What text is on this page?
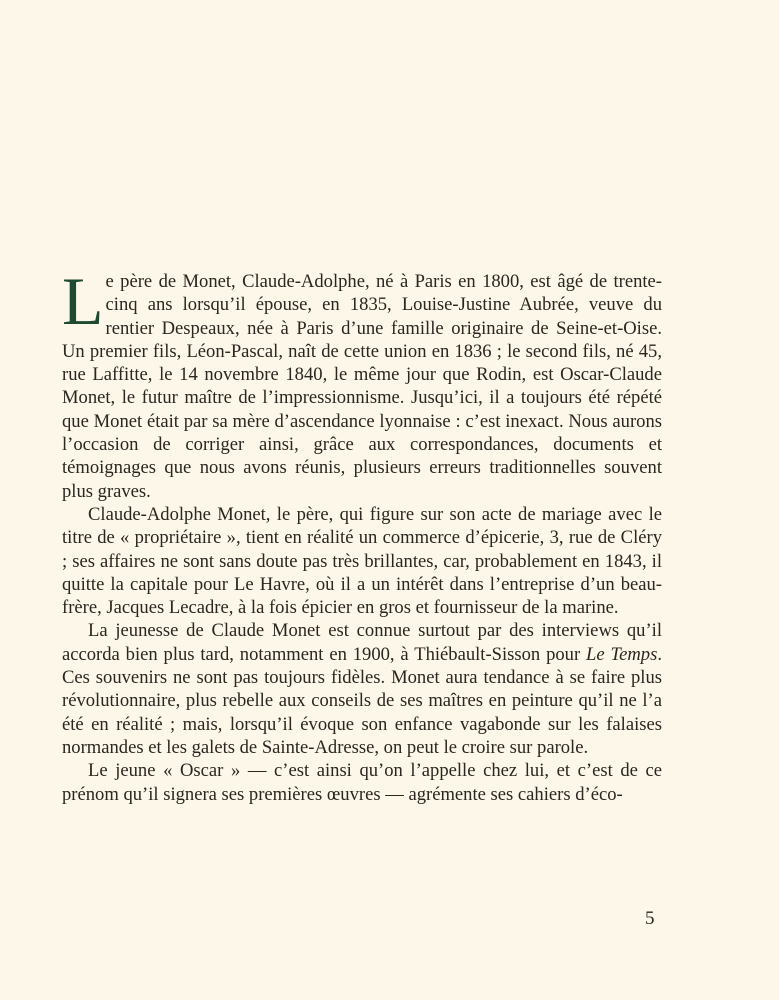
Le père de Monet, Claude-Adolphe, né à Paris en 1800, est âgé de trente-cinq ans lorsqu’il épouse, en 1835, Louise-Justine Aubrée, veuve du rentier Despeaux, née à Paris d’une famille originaire de Seine-et-Oise. Un premier fils, Léon-Pascal, naît de cette union en 1836 ; le second fils, né 45, rue Laffitte, le 14 novembre 1840, le même jour que Rodin, est Oscar-Claude Monet, le futur maître de l’impressionnisme. Jusqu’ici, il a toujours été répété que Monet était par sa mère d’ascendance lyonnaise : c’est inexact. Nous aurons l’occasion de corriger ainsi, grâce aux correspondances, documents et témoignages que nous avons réunis, plusieurs erreurs traditionnelles souvent plus graves.

Claude-Adolphe Monet, le père, qui figure sur son acte de mariage avec le titre de « propriétaire », tient en réalité un commerce d’épicerie, 3, rue de Cléry ; ses affaires ne sont sans doute pas très brillantes, car, probablement en 1843, il quitte la capitale pour Le Havre, où il a un intérêt dans l’entreprise d’un beau-frère, Jacques Lecadre, à la fois épicier en gros et fournisseur de la marine.

La jeunesse de Claude Monet est connue surtout par des interviews qu’il accorda bien plus tard, notamment en 1900, à Thiébault-Sisson pour Le Temps. Ces souvenirs ne sont pas toujours fidèles. Monet aura tendance à se faire plus révolutionnaire, plus rebelle aux conseils de ses maîtres en peinture qu’il ne l’a été en réalité ; mais, lorsqu’il évoque son enfance vagabonde sur les falaises normandes et les galets de Sainte-Adresse, on peut le croire sur parole.

Le jeune « Oscar » — c’est ainsi qu’on l’appelle chez lui, et c’est de ce prénom qu’il signera ses premières œuvres — agrémente ses cahiers d’éco-

5
